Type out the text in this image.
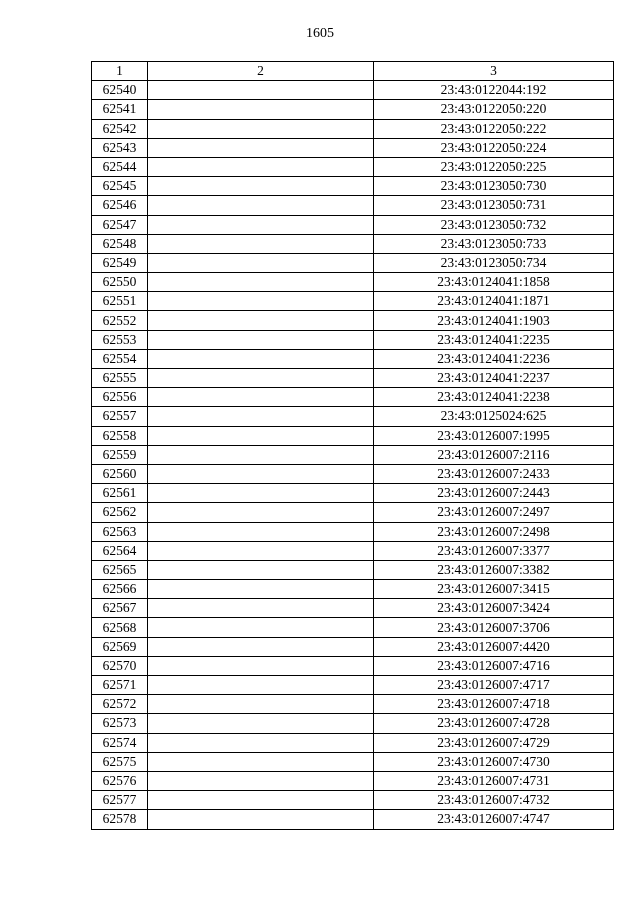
1605
1	2	3
62540		23:43:0122044:192
62541		23:43:0122050:220
62542		23:43:0122050:222
62543		23:43:0122050:224
62544		23:43:0122050:225
62545		23:43:0123050:730
62546		23:43:0123050:731
62547		23:43:0123050:732
62548		23:43:0123050:733
62549		23:43:0123050:734
62550		23:43:0124041:1858
62551		23:43:0124041:1871
62552		23:43:0124041:1903
62553		23:43:0124041:2235
62554		23:43:0124041:2236
62555		23:43:0124041:2237
62556		23:43:0124041:2238
62557		23:43:0125024:625
62558		23:43:0126007:1995
62559		23:43:0126007:2116
62560		23:43:0126007:2433
62561		23:43:0126007:2443
62562		23:43:0126007:2497
62563		23:43:0126007:2498
62564		23:43:0126007:3377
62565		23:43:0126007:3382
62566		23:43:0126007:3415
62567		23:43:0126007:3424
62568		23:43:0126007:3706
62569		23:43:0126007:4420
62570		23:43:0126007:4716
62571		23:43:0126007:4717
62572		23:43:0126007:4718
62573		23:43:0126007:4728
62574		23:43:0126007:4729
62575		23:43:0126007:4730
62576		23:43:0126007:4731
62577		23:43:0126007:4732
62578		23:43:0126007:4747
